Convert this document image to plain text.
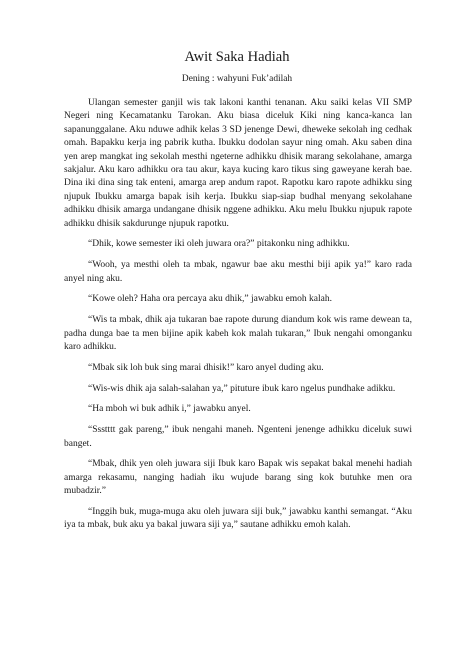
Awit Saka Hadiah
Dening : wahyuni Fuk’adilah

Ulangan semester ganjil wis tak lakoni kanthi tenanan. Aku saiki kelas VII SMP Negeri ning Kecamatanku Tarokan. Aku biasa diceluk Kiki ning kanca-kanca lan sapanunggalane. Aku nduwe adhik kelas 3 SD jenenge Dewi, dheweke sekolah ing cedhak omah. Bapakku kerja ing pabrik kutha. Ibukku dodolan sayur ning omah. Aku saben dina yen arep mangkat ing sekolah mesthi ngeterne adhikku dhisik marang sekolahane, amarga sakjalur. Aku karo adhikku ora tau akur, kaya kucing karo tikus sing gaweyane kerah bae. Dina iki dina sing tak enteni, amarga arep andum rapot. Rapotku karo rapote adhikku sing njupuk Ibukku amarga bapak isih kerja. Ibukku siap-siap budhal menyang sekolahane adhikku dhisik amarga undangane dhisik nggene adhikku. Aku melu Ibukku njupuk rapote adhikku dhisik sakdurunge njupuk rapotku.

“Dhik, kowe semester iki oleh juwara ora?” pitakonku ning adhikku.

“Wooh, ya mesthi oleh ta mbak, ngawur bae aku mesthi biji apik ya!” karo rada anyel ning aku.

“Kowe oleh? Haha ora percaya aku dhik,” jawabku emoh kalah.

“Wis ta mbak, dhik aja tukaran bae rapote durung diandum kok wis rame dewean ta, padha dunga bae ta men bijine apik kabeh kok malah tukaran,” Ibuk nengahi omonganku karo adhikku.

“Mbak sik loh buk sing marai dhisik!” karo anyel duding aku.

“Wis-wis dhik aja salah-salahan ya,” pituture ibuk karo ngelus pundhake adikku.

“Ha mboh wi buk adhik i,” jawabku anyel.

“Ssstttt gak pareng,” ibuk nengahi maneh. Ngenteni jenenge adhikku diceluk suwi banget.

“Mbak, dhik yen oleh juwara siji Ibuk karo Bapak wis sepakat bakal menehi hadiah amarga rekasamu, nanging hadiah iku wujude barang sing kok butuhke men ora mubadzir.”

“Inggih buk, muga-muga aku oleh juwara siji buk,” jawabku kanthi semangat. “Aku iya ta mbak, buk aku ya bakal juwara siji ya,” sautane adhikku emoh kalah.
